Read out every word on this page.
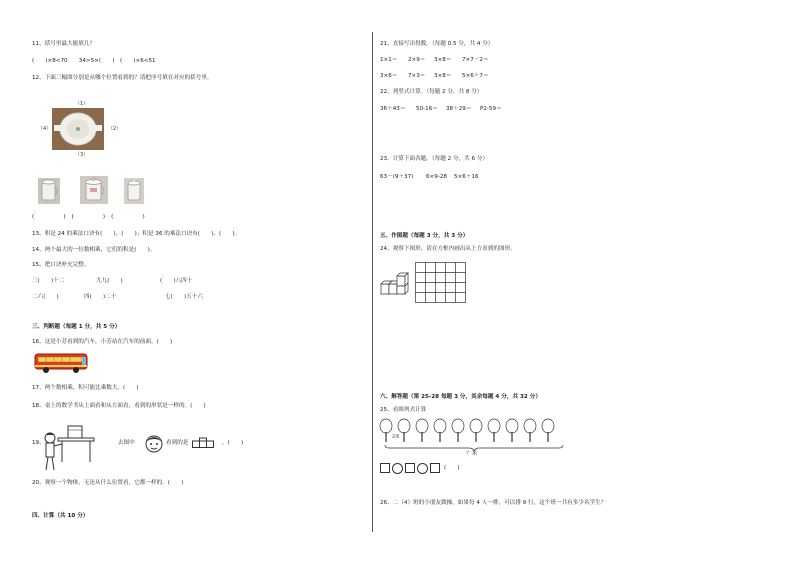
11、括号里最大能填几？
(　　)×8<70　　34>5×(　　)　(　　)×6<51
12、下面三幅图分别是从哪个位置看到的？请把序号填在对应的括号里。
（1）
（4）	（2）
（3）
(　　)(　　)(　　)
13、积是 24 的乘法口诀有(　　)、(　　)；积是 36 的乘法口诀有(　　)、(　　)。
14、两个最大的一位数相乘，它们的积是(　　)。
15、把口诀补充完整。
三(　　)十二	九九(　　)	(　　)八四十
二六(　　)	四(　　)二十	七(　　)五十六
三、判断题（每题 1 分，共 5 分）
16、这是小芳看到的汽车，小芳站在汽车的前面。(　　)
17、两个数相乘，积可能比乘数大。(　　)
18、桌上的数学书从上面看和从左面看，看到的形状是一样的。(　　)
19、	去图中	看到的是	。(　　)
20、观察一个物体，无论从什么位置看，它都一样的。(　　)
四、计算（共 10 分）
21、直接写出得数。（每题 0.5 分，共 4 分）
1×1＝ 2×9＝ 3×8＝ 7×7－2＝
3×6＝ 7×3＝ 3×8＝ 5×6＋7＝
22、列竖式计算。（每题 2 分，共 8 分）
36＋43＝ 50-16＝ 38＋29＝ P2-59＝
23、计算下面各题。（每题 2 分，共 6 分）
63－(9＋37) 6×9-28 5×6＋16
五、作图题（每题 3 分，共 3 分）
24、观察下图形，请在方框内画出从上方看到的图形。
六、解答题（第 25-28 每题 3 分，其余每题 4 分，共 32 分）
25、看图列式计算
3米
？米
(　　)
26、二（4）班的小朋友做操，如果每 4 人一排，可以排 9 行，这个班一共有多少名学生？
